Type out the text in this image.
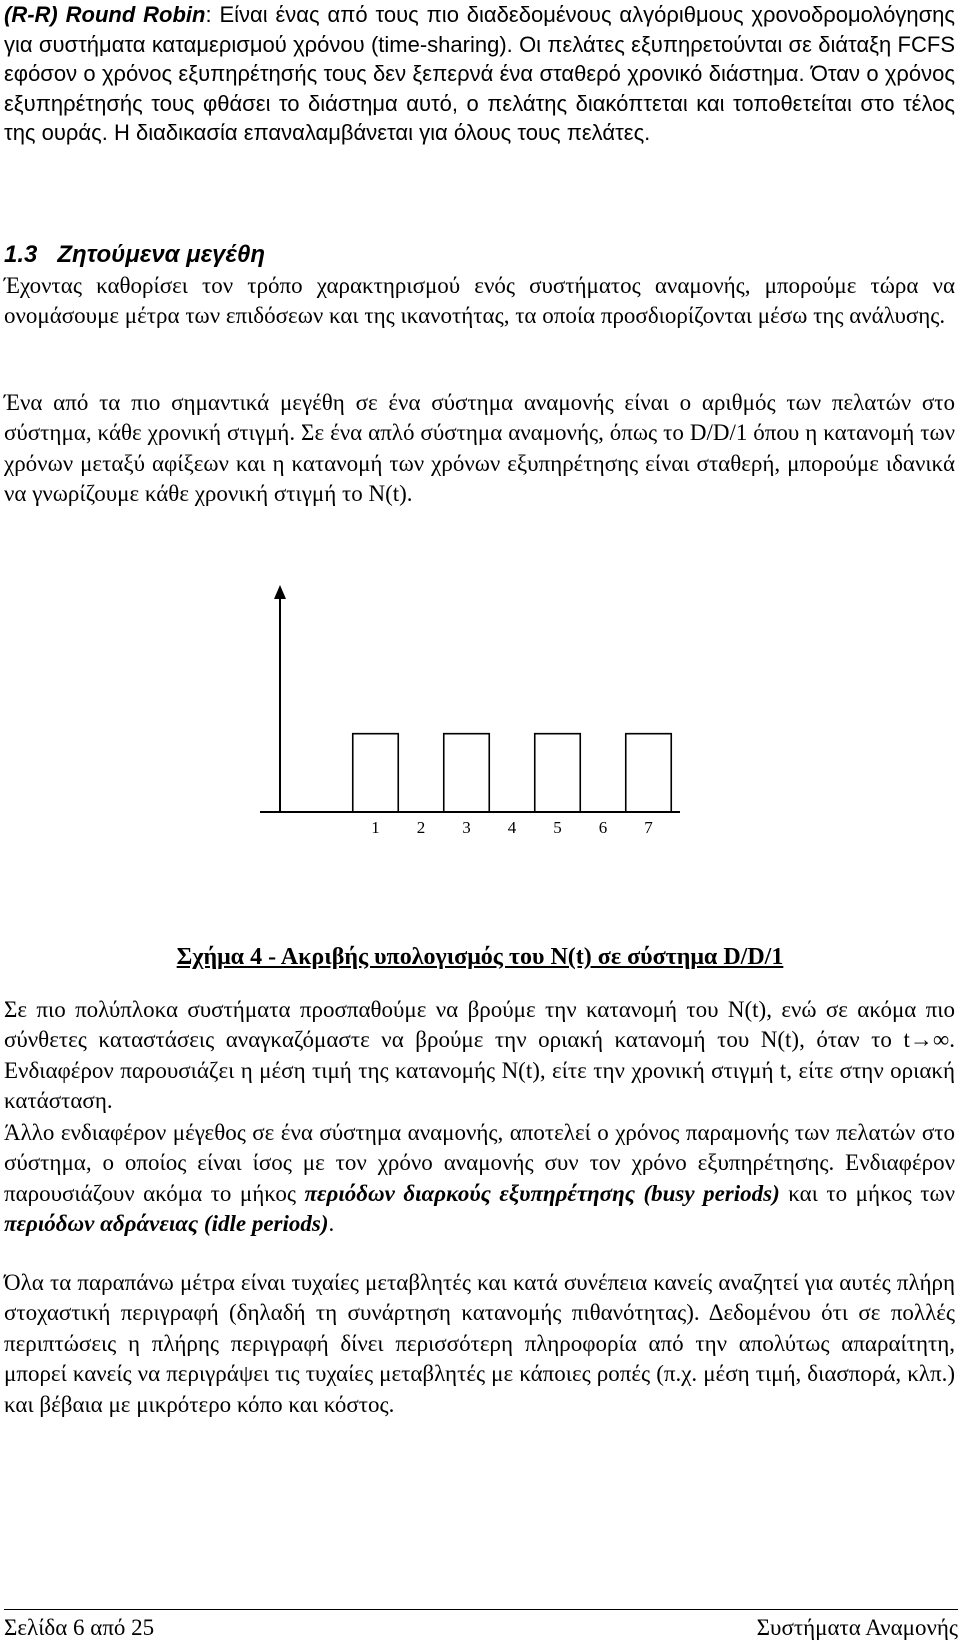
(R-R) Round Robin: Είναι ένας από τους πιο διαδεδομένους αλγόριθμους χρονοδρομολόγησης για συστήματα καταμερισμού χρόνου (time-sharing). Οι πελάτες εξυπηρετούνται σε διάταξη FCFS εφόσον ο χρόνος εξυπηρέτησής τους δεν ξεπερνά ένα σταθερό χρονικό διάστημα. Όταν ο χρόνος εξυπηρέτησής τους φθάσει το διάστημα αυτό, ο πελάτης διακόπτεται και τοποθετείται στο τέλος της ουράς. Η διαδικασία επαναλαμβάνεται για όλους τους πελάτες.

1.3 Ζητούμενα μεγέθη

Έχοντας καθορίσει τον τρόπο χαρακτηρισμού ενός συστήματος αναμονής, μπορούμε τώρα να ονομάσουμε μέτρα των επιδόσεων και της ικανοτήτας, τα οποία προσδιορίζονται μέσω της ανάλυσης.

Ένα από τα πιο σημαντικά μεγέθη σε ένα σύστημα αναμονής είναι ο αριθμός των πελατών στο σύστημα, κάθε χρονική στιγμή. Σε ένα απλό σύστημα αναμονής, όπως το D/D/1 όπου η κατανομή των χρόνων μεταξύ αφίξεων και η κατανομή των χρόνων εξυπηρέτησης είναι σταθερή, μπορούμε ιδανικά να γνωρίζουμε κάθε χρονική στιγμή το N(t).

1 2 3 4 5 6 7
Σχήμα 4 - Ακριβής υπολογισμός του N(t) σε σύστημα D/D/1

Σε πιο πολύπλοκα συστήματα προσπαθούμε να βρούμε την κατανομή του N(t), ενώ σε ακόμα πιο σύνθετες καταστάσεις αναγκαζόμαστε να βρούμε την οριακή κατανομή του N(t), όταν το t→∞. Ενδιαφέρον παρουσιάζει η μέση τιμή της κατανομής N(t), είτε την χρονική στιγμή t, είτε στην οριακή κατάσταση.

Άλλο ενδιαφέρον μέγεθος σε ένα σύστημα αναμονής, αποτελεί ο χρόνος παραμονής των πελατών στο σύστημα, ο οποίος είναι ίσος με τον χρόνο αναμονής συν τον χρόνο εξυπηρέτησης. Ενδιαφέρον παρουσιάζουν ακόμα το μήκος περιόδων διαρκούς εξυπηρέτησης (busy periods) και το μήκος των περιόδων αδράνειας (idle periods).

Όλα τα παραπάνω μέτρα είναι τυχαίες μεταβλητές και κατά συνέπεια κανείς αναζητεί για αυτές πλήρη στοχαστική περιγραφή (δηλαδή τη συνάρτηση κατανομής πιθανότητας). Δεδομένου ότι σε πολλές περιπτώσεις η πλήρης περιγραφή δίνει περισσότερη πληροφορία από την απολύτως απαραίτητη, μπορεί κανείς να περιγράψει τις τυχαίες μεταβλητές με κάποιες ροπές (π.χ. μέση τιμή, διασπορά, κλπ.) και βέβαια με μικρότερο κόπο και κόστος.

Σελίδα 6 από 25	Συστήματα Αναμονής
